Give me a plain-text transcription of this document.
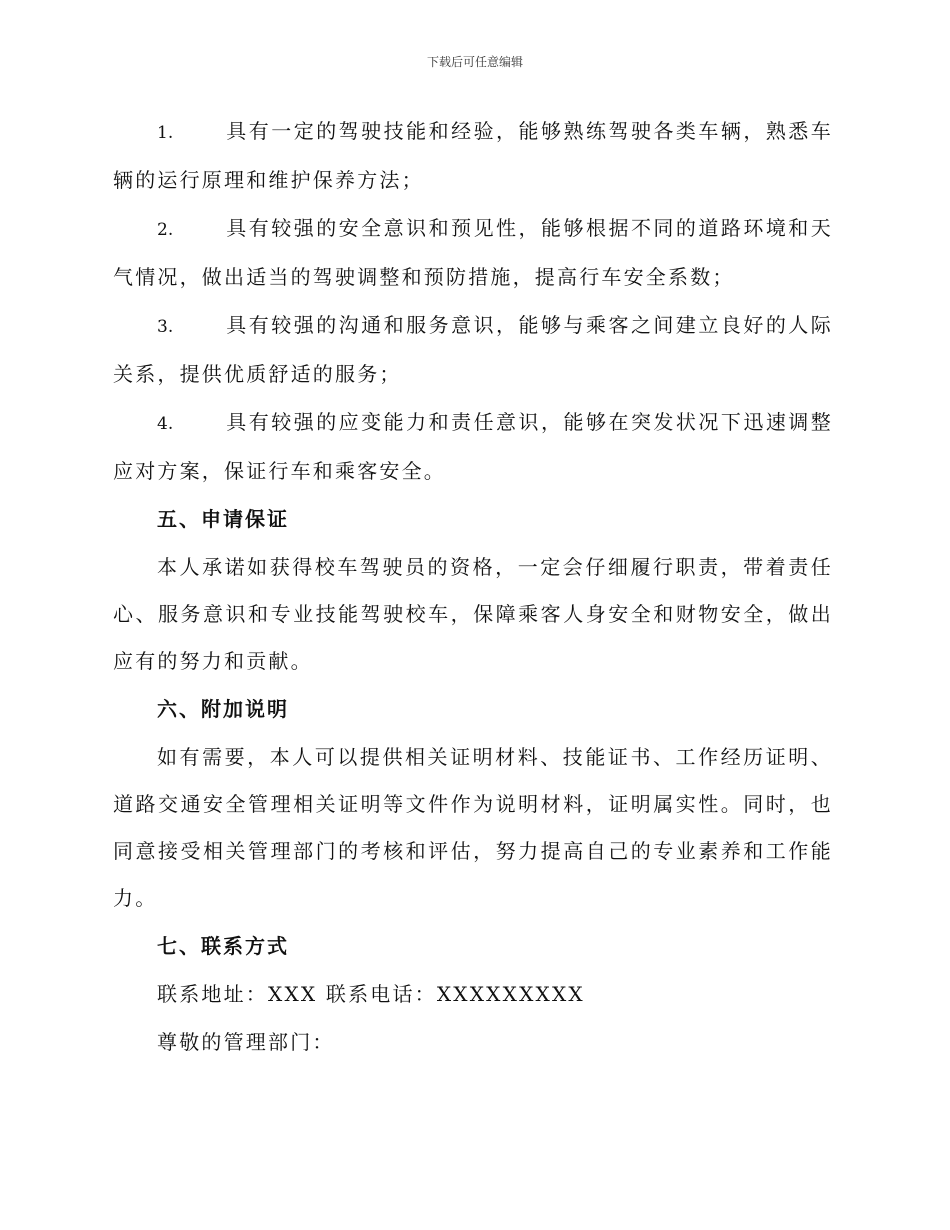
下载后可任意编辑
1.	具有一定的驾驶技能和经验，能够熟练驾驶各类车辆，熟悉车辆的运行原理和维护保养方法；
2.	具有较强的安全意识和预见性，能够根据不同的道路环境和天气情况，做出适当的驾驶调整和预防措施，提高行车安全系数；
3.	具有较强的沟通和服务意识，能够与乘客之间建立良好的人际关系，提供优质舒适的服务；
4.	具有较强的应变能力和责任意识，能够在突发状况下迅速调整应对方案，保证行车和乘客安全。
五、申请保证
本人承诺如获得校车驾驶员的资格，一定会仔细履行职责，带着责任心、服务意识和专业技能驾驶校车，保障乘客人身安全和财物安全，做出应有的努力和贡献。
六、附加说明
如有需要，本人可以提供相关证明材料、技能证书、工作经历证明、道路交通安全管理相关证明等文件作为说明材料，证明属实性。同时，也同意接受相关管理部门的考核和评估，努力提高自己的专业素养和工作能力。
七、联系方式
联系地址：XXX 联系电话：XXXXXXXXX
尊敬的管理部门：
